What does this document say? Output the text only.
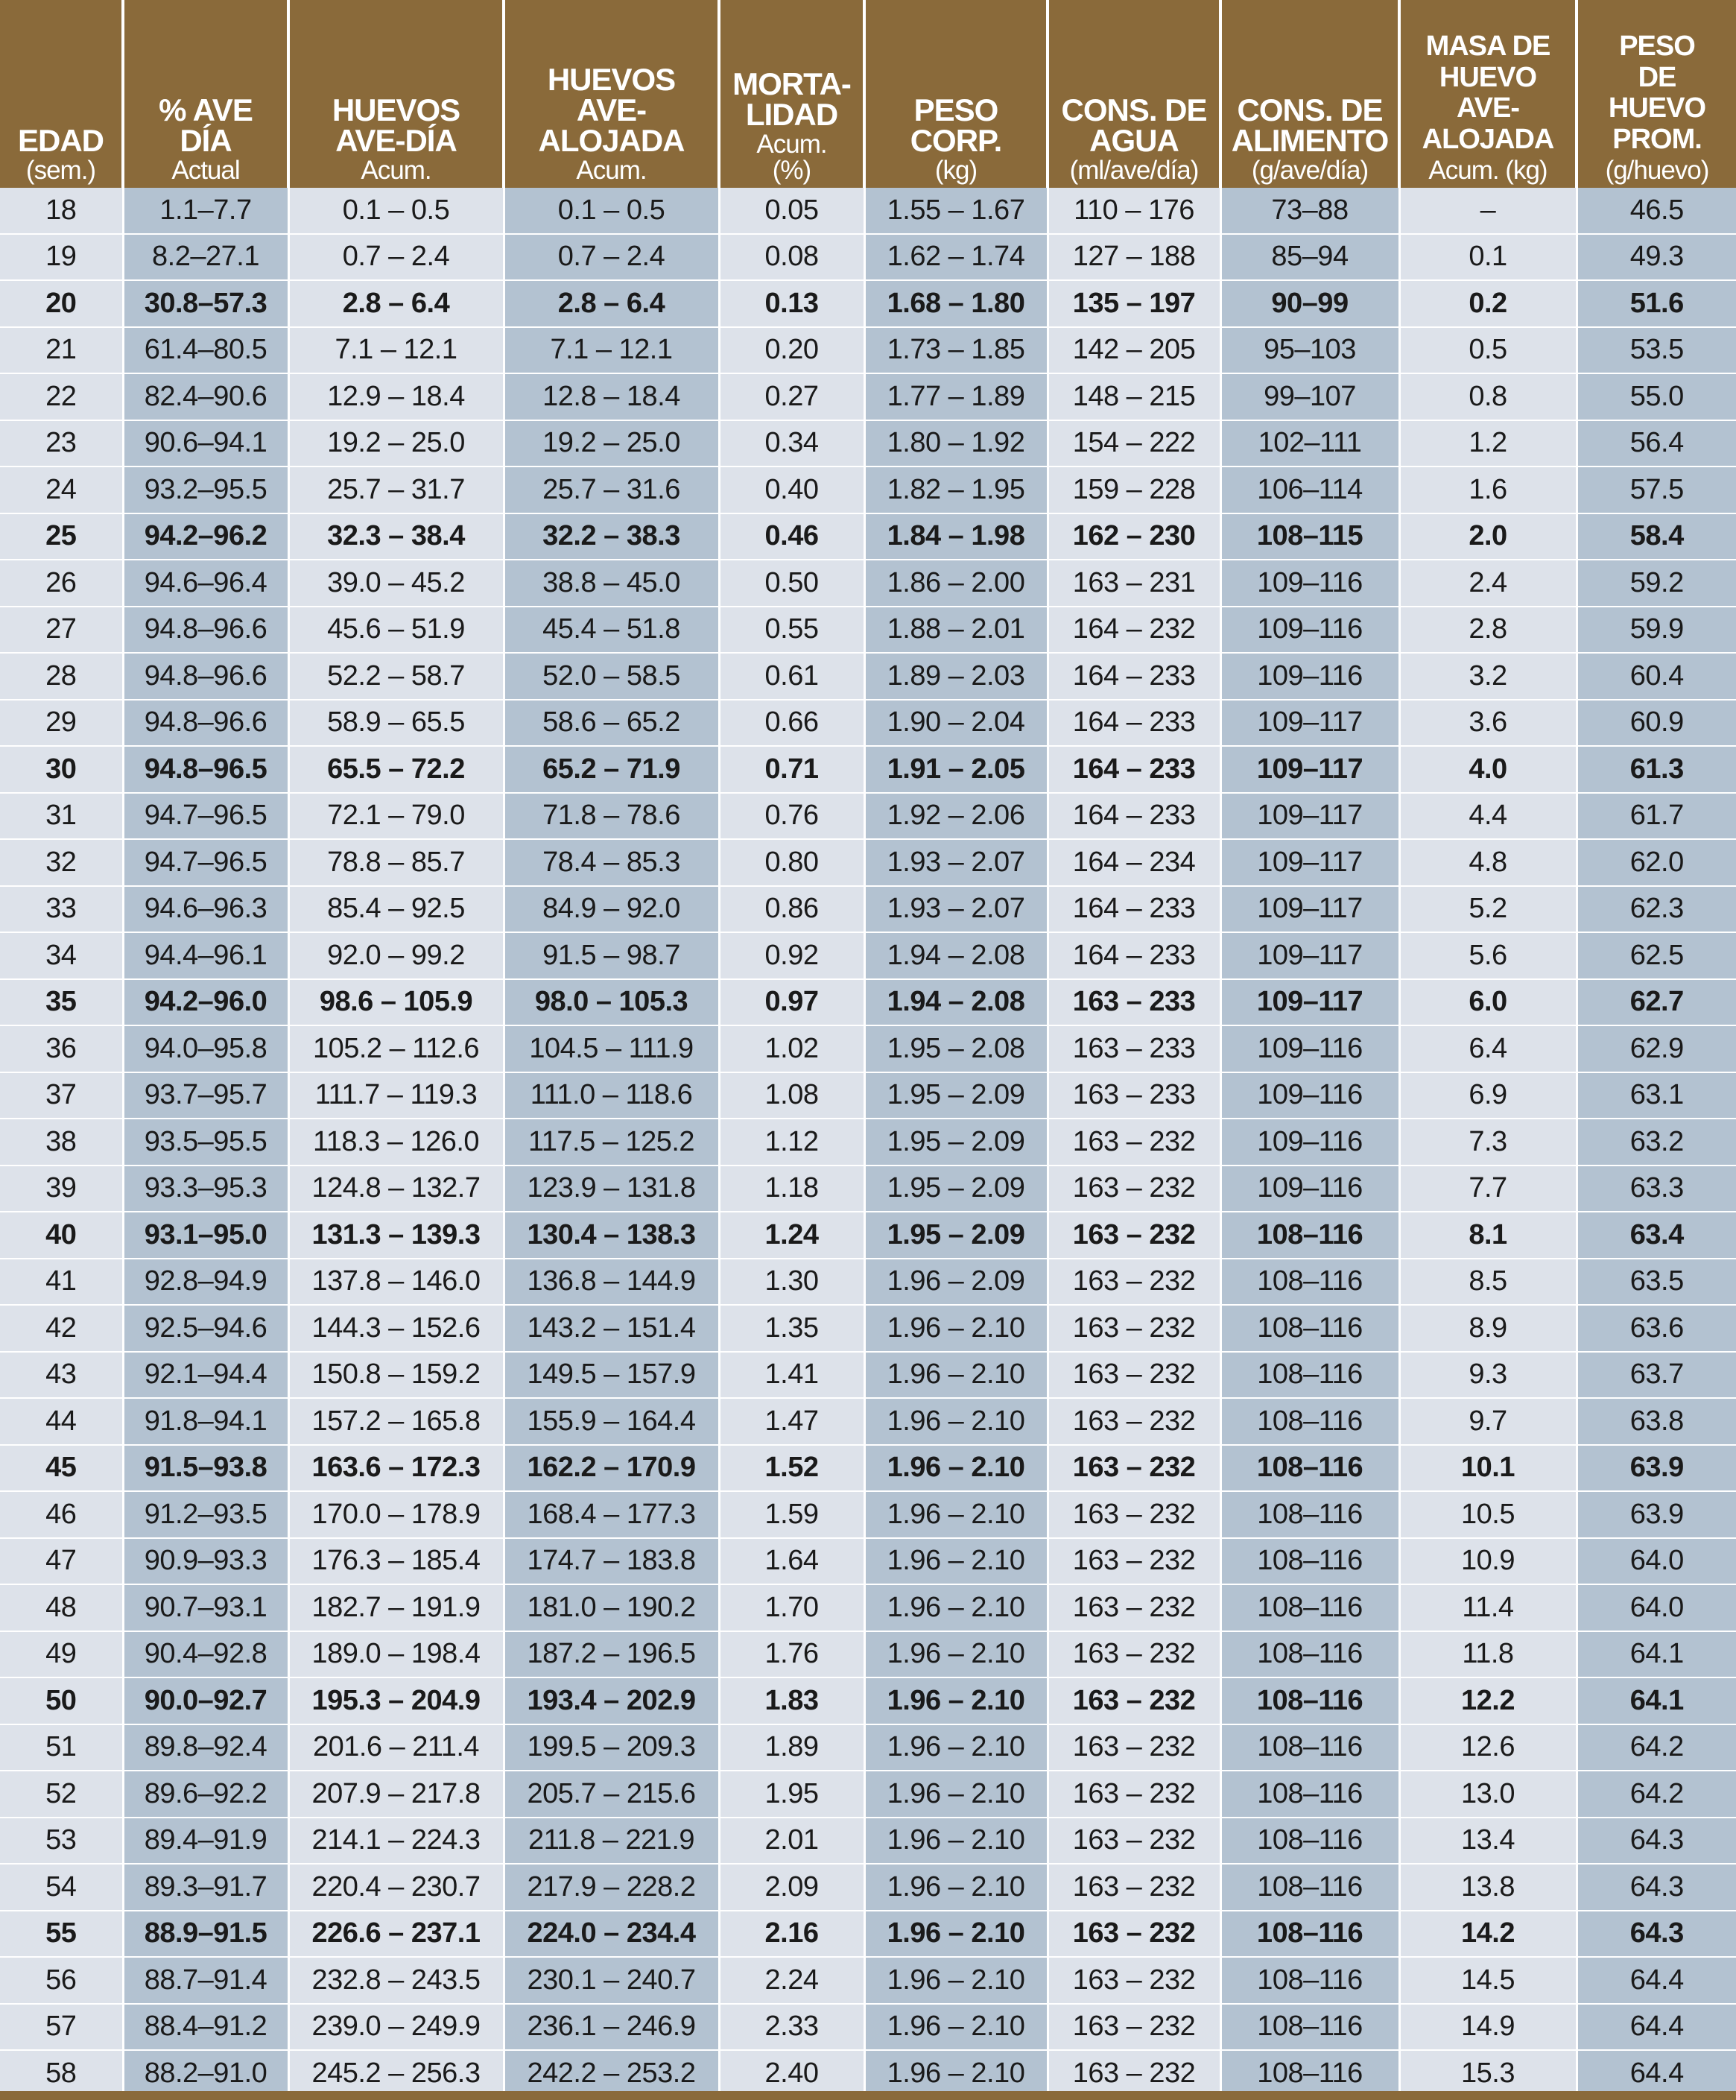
EDAD
(sem.)	% AVE
DÍA
Actual	HUEVOS
AVE-DÍA
Acum.	HUEVOS
AVE-
ALOJADA
Acum.	MORTA-
LIDAD
Acum.
(%)	PESO
CORP.
(kg)	CONS. DE
AGUA
(ml/ave/día)	CONS. DE
ALIMENTO
(g/ave/día)	MASA DE
HUEVO
AVE-
ALOJADA
Acum. (kg)	PESO
DE
HUEVO
PROM.
(g/huevo)

18	1.1–7.7	0.1 – 0.5	0.1 – 0.5	0.05	1.55 – 1.67	110 – 176	73–88	–	46.5
19	8.2–27.1	0.7 – 2.4	0.7 – 2.4	0.08	1.62 – 1.74	127 – 188	85–94	0.1	49.3
20	30.8–57.3	2.8 – 6.4	2.8 – 6.4	0.13	1.68 – 1.80	135 – 197	90–99	0.2	51.6
21	61.4–80.5	7.1 – 12.1	7.1 – 12.1	0.20	1.73 – 1.85	142 – 205	95–103	0.5	53.5
22	82.4–90.6	12.9 – 18.4	12.8 – 18.4	0.27	1.77 – 1.89	148 – 215	99–107	0.8	55.0
23	90.6–94.1	19.2 – 25.0	19.2 – 25.0	0.34	1.80 – 1.92	154 – 222	102–111	1.2	56.4
24	93.2–95.5	25.7 – 31.7	25.7 – 31.6	0.40	1.82 – 1.95	159 – 228	106–114	1.6	57.5
25	94.2–96.2	32.3 – 38.4	32.2 – 38.3	0.46	1.84 – 1.98	162 – 230	108–115	2.0	58.4
26	94.6–96.4	39.0 – 45.2	38.8 – 45.0	0.50	1.86 – 2.00	163 – 231	109–116	2.4	59.2
27	94.8–96.6	45.6 – 51.9	45.4 – 51.8	0.55	1.88 – 2.01	164 – 232	109–116	2.8	59.9
28	94.8–96.6	52.2 – 58.7	52.0 – 58.5	0.61	1.89 – 2.03	164 – 233	109–116	3.2	60.4
29	94.8–96.6	58.9 – 65.5	58.6 – 65.2	0.66	1.90 – 2.04	164 – 233	109–117	3.6	60.9
30	94.8–96.5	65.5 – 72.2	65.2 – 71.9	0.71	1.91 – 2.05	164 – 233	109–117	4.0	61.3
31	94.7–96.5	72.1 – 79.0	71.8 – 78.6	0.76	1.92 – 2.06	164 – 233	109–117	4.4	61.7
32	94.7–96.5	78.8 – 85.7	78.4 – 85.3	0.80	1.93 – 2.07	164 – 234	109–117	4.8	62.0
33	94.6–96.3	85.4 – 92.5	84.9 – 92.0	0.86	1.93 – 2.07	164 – 233	109–117	5.2	62.3
34	94.4–96.1	92.0 – 99.2	91.5 – 98.7	0.92	1.94 – 2.08	164 – 233	109–117	5.6	62.5
35	94.2–96.0	98.6 – 105.9	98.0 – 105.3	0.97	1.94 – 2.08	163 – 233	109–117	6.0	62.7
36	94.0–95.8	105.2 – 112.6	104.5 – 111.9	1.02	1.95 – 2.08	163 – 233	109–116	6.4	62.9
37	93.7–95.7	111.7 – 119.3	111.0 – 118.6	1.08	1.95 – 2.09	163 – 233	109–116	6.9	63.1
38	93.5–95.5	118.3 – 126.0	117.5 – 125.2	1.12	1.95 – 2.09	163 – 232	109–116	7.3	63.2
39	93.3–95.3	124.8 – 132.7	123.9 – 131.8	1.18	1.95 – 2.09	163 – 232	109–116	7.7	63.3
40	93.1–95.0	131.3 – 139.3	130.4 – 138.3	1.24	1.95 – 2.09	163 – 232	108–116	8.1	63.4
41	92.8–94.9	137.8 – 146.0	136.8 – 144.9	1.30	1.96 – 2.09	163 – 232	108–116	8.5	63.5
42	92.5–94.6	144.3 – 152.6	143.2 – 151.4	1.35	1.96 – 2.10	163 – 232	108–116	8.9	63.6
43	92.1–94.4	150.8 – 159.2	149.5 – 157.9	1.41	1.96 – 2.10	163 – 232	108–116	9.3	63.7
44	91.8–94.1	157.2 – 165.8	155.9 – 164.4	1.47	1.96 – 2.10	163 – 232	108–116	9.7	63.8
45	91.5–93.8	163.6 – 172.3	162.2 – 170.9	1.52	1.96 – 2.10	163 – 232	108–116	10.1	63.9
46	91.2–93.5	170.0 – 178.9	168.4 – 177.3	1.59	1.96 – 2.10	163 – 232	108–116	10.5	63.9
47	90.9–93.3	176.3 – 185.4	174.7 – 183.8	1.64	1.96 – 2.10	163 – 232	108–116	10.9	64.0
48	90.7–93.1	182.7 – 191.9	181.0 – 190.2	1.70	1.96 – 2.10	163 – 232	108–116	11.4	64.0
49	90.4–92.8	189.0 – 198.4	187.2 – 196.5	1.76	1.96 – 2.10	163 – 232	108–116	11.8	64.1
50	90.0–92.7	195.3 – 204.9	193.4 – 202.9	1.83	1.96 – 2.10	163 – 232	108–116	12.2	64.1
51	89.8–92.4	201.6 – 211.4	199.5 – 209.3	1.89	1.96 – 2.10	163 – 232	108–116	12.6	64.2
52	89.6–92.2	207.9 – 217.8	205.7 – 215.6	1.95	1.96 – 2.10	163 – 232	108–116	13.0	64.2
53	89.4–91.9	214.1 – 224.3	211.8 – 221.9	2.01	1.96 – 2.10	163 – 232	108–116	13.4	64.3
54	89.3–91.7	220.4 – 230.7	217.9 – 228.2	2.09	1.96 – 2.10	163 – 232	108–116	13.8	64.3
55	88.9–91.5	226.6 – 237.1	224.0 – 234.4	2.16	1.96 – 2.10	163 – 232	108–116	14.2	64.3
56	88.7–91.4	232.8 – 243.5	230.1 – 240.7	2.24	1.96 – 2.10	163 – 232	108–116	14.5	64.4
57	88.4–91.2	239.0 – 249.9	236.1 – 246.9	2.33	1.96 – 2.10	163 – 232	108–116	14.9	64.4
58	88.2–91.0	245.2 – 256.3	242.2 – 253.2	2.40	1.96 – 2.10	163 – 232	108–116	15.3	64.4
